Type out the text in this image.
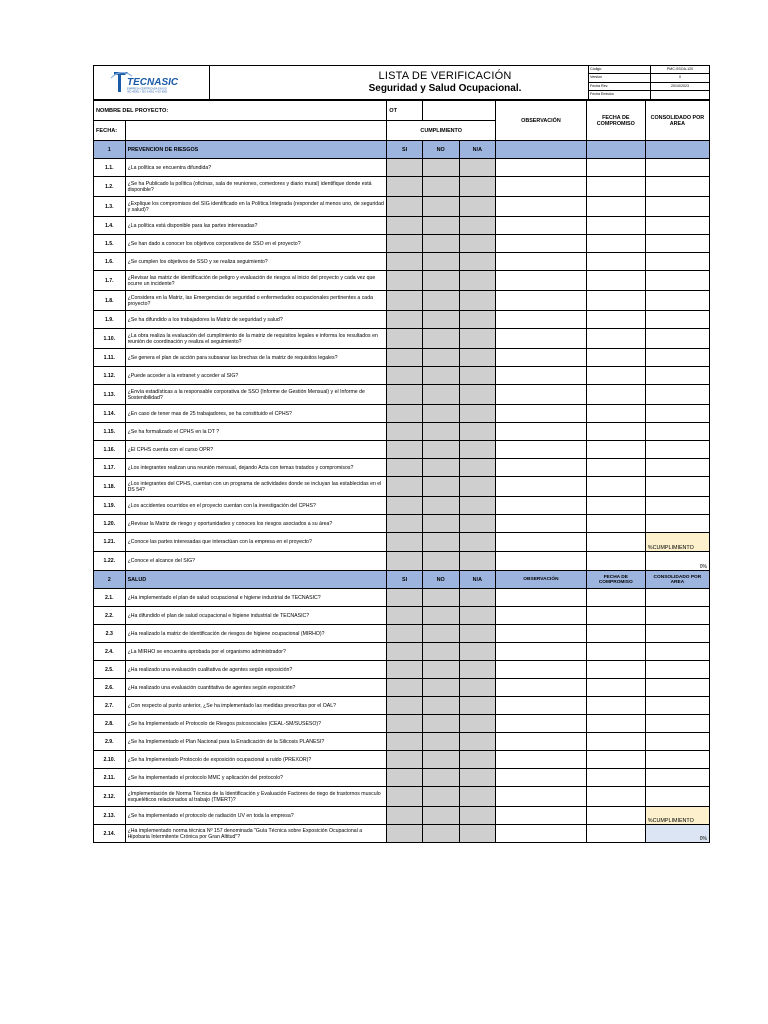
TECNASIC
EMPRESA CERTIFICADA EN ISO
ISO 45001 • ISO 14001 • ISO 9001
LISTA DE VERIFICACIÓN
Seguridad y Salud Ocupacional.
Código	PMC-SSOA-120
Versión	0
Fecha Rev.	20/10/2023
Fecha Emisión
NOMBRE DEL PROYECTO:		OT			OBSERVACIÓN	FECHA DE COMPROMISO	CONSOLIDADO POR AREA
FECHA:		CUMPLIMIENTO					
1	PREVENCION DE RIESGOS	SI	NO	N/A			
1.1.	¿La política se encuentra difundida?						
1.2.	¿Se ha Publicado la política (oficinas, sala de reuniones, comedores y diario mural) identifique donde está disponible?						
1.3.	¿Explique los compromisos del SIG identificado en la Política Integrada (responder al menos uno, de seguridad y salud)?						
1.4.	¿La política está disponible para las partes interesadas?						
1.5.	¿Se han dado a conocer los objetivos corporativos de SSO en el proyecto?						
1.6.	¿Se cumplen los objetivos de SSO y se realiza seguimiento?						
1.7.	¿Revisar las matriz de identificación de peligro y evaluación de riesgos al inicio del proyecto y cada vez que ocurre un incidente?						
1.8.	¿Considera en la Matriz, las Emergencias de seguridad o enfermedades ocupacionales pertinentes a cada proyecto?						
1.9.	¿Se ha difundido a los trabajadores la Matriz de seguridad y salud?						
1.10.	¿La obra realiza la evaluación del cumplimiento de la matriz de requisitos legales e informa los resultados en reunión de coordinación y realiza el seguimiento?						
1.11.	¿Se genera el plan de acción para subsanar las brechas de la matriz de requisitos legales?						
1.12.	¿Puede acceder a la extranet y acceder al SIG?						
1.13.	¿Envía estadísticas a la responsable corporativa de SSO (Informe de Gestión Mensual) y el Informe de Sostenibilidad?						
1.14.	¿En caso de tener mas de 25 trabajadores, se ha constituido el CPHS?						
1.15.	¿Se ha formalizado el CPHS en la DT ?						
1.16.	¿El CPHS cuenta con el curso OPR?						
1.17.	¿Los integrantes realizan una reunión mensual, dejando Acta con temas tratados y compromisos?						
1.18.	¿Los integrantes del CPHS, cuentan con un programa de actividades donde se incluyan las establecidas en el DS 54?						
1.19.	¿Los accidentes ocurridos en el proyecto cuentan con la investigación del CPHS?						
1.20.	¿Revisar la Matriz de riesgo y oportunidades y conoces los riesgos asociados a su área?						
1.21.	¿Conoce las partes interesadas que interactúan con la empresa en el proyecto?						%CUMPLIMIENTO
1.22.	¿Conoce el alcance del SIG?						0%
2	SALUD	SI	NO	N/A	OBSERVACIÓN	FECHA DE COMPROMISO	CONSOLIDADO POR AREA
2.1.	¿Ha implementado el plan de salud ocupacional e higiene industrial de TECNASIC?						
2.2.	¿Ha difundido el plan de salud ocupacional e higiene industrial de TECNASIC?						
2.3	¿Ha realizado la matriz de identificación de riesgos de higiene ocupacional (MIRHO)?						
2.4.	¿La MIRHO se encuentra aprobada por el organismo administrador?						
2.5.	¿Ha realizado una evaluación cualitativa de agentes según exposición?						
2.6.	¿Ha realizado una evaluación cuantitativa de agentes según exposición?						
2.7.	¿Con respecto al punto anterior, ¿Se ha implementado las medidas prescritas por el OAL?						
2.8.	¿Se ha Implementado el Protocolo de Riesgos psicosociales (CEAL-SM/SUSESO)?						
2.9.	¿Se ha Implementado el Plan Nacional para la Erradicación de la Silicosis PLANESI?						
2.10.	¿Se ha Implementado Protocolo de exposición ocupacional a ruido (PREXOR)?						
2.11.	¿Se ha implementado el protocolo MMC y aplicación del protocolo?						
2.12.	¿Implementación de Norma Técnica de la Identificación y Evaluación Factores de riego de trastornos musculo esqueléticos relacionados al trabajo (TMERT)?						
2.13.	¿Se ha implementado el protocolo de radiación UV en toda la empresa?						%CUMPLIMIENTO
2.14.	¿Ha implementado norma técnica Nº 157 denominada "Guía Técnica sobre Exposición Ocupacional a Hipobaria Intermitente Crónica por Gran Altitud"?						0%
